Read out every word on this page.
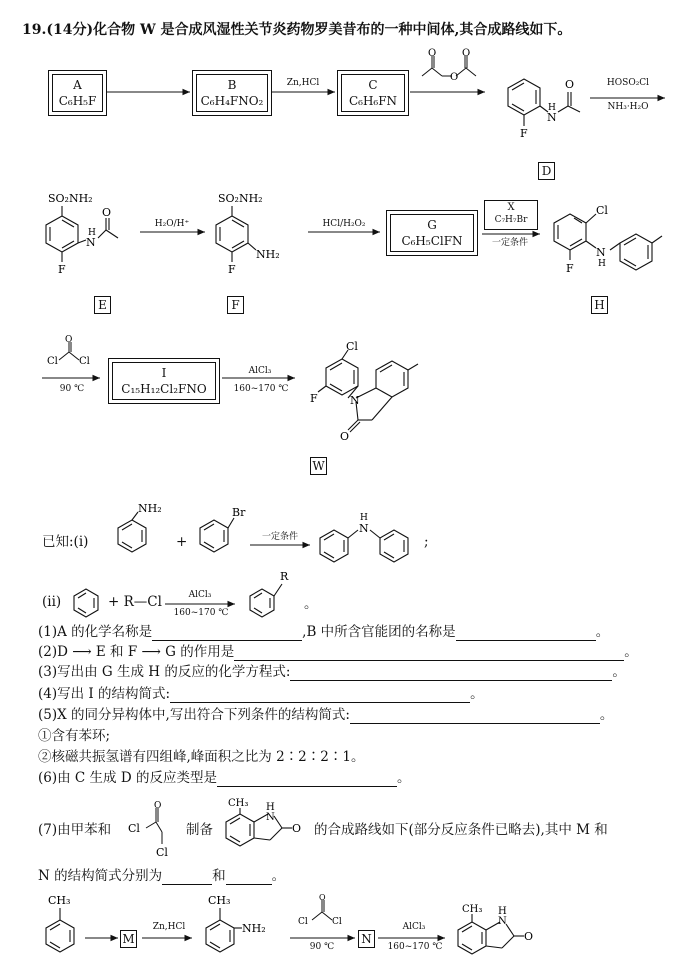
19.(14分)化合物 W 是合成风湿性关节炎药物罗美昔布的一种中间体,其合成路线如下。
A
C₆H₅F
B
C₆H₄FNO₂
Zn,HCl	C
C₆H₆FN
O
O
O
N
H
F
O
D
HOSO₂Cl
NH₃·H₂O
SO₂NH₂
N
H
F
O
E
H₂O/H⁺
SO₂NH₂
NH₂
F
F
HCl/H₂O₂	G
C₆H₅ClFN
X
C₇H₇Br
一定条件
Cl
N
H
F
H
Cl Cl
O
90 ℃
I
C₁₅H₁₂Cl₂FNO
AlCl₃
160~170 ℃
Cl
F	N
O
W
已知:(i)
NH₂
+
Br
一定条件
N
H
;
(ii)	+ R—Cl	AlCl₃
160~170 ℃
R
。
(1)A 的化学名称是	,B 中所含官能团的名称是	。
(2)D ⟶ E 和 F ⟶ G 的作用是	。
(3)写出由 G 生成 H 的反应的化学方程式:	。
(4)写出 I 的结构简式:	。
(5)X 的同分异构体中,写出符合下列条件的结构简式:	。
①含有苯环;
②核磁共振氢谱有四组峰,峰面积之比为 2∶2∶2∶1。
(6)由 C 生成 D 的反应类型是	。
(7)由甲苯和 Cl
O
Cl
制备
CH₃ H
N
O 的合成路线如下(部分反应条件已略去),其中 M 和
N 的结构简式分别为	和	。
CH₃
M
Zn,HCl
CH₃
NH₂	Cl	Cl
O
90 ℃
N
AlCl₃
160~170 ℃
CH₃ H
N
O
